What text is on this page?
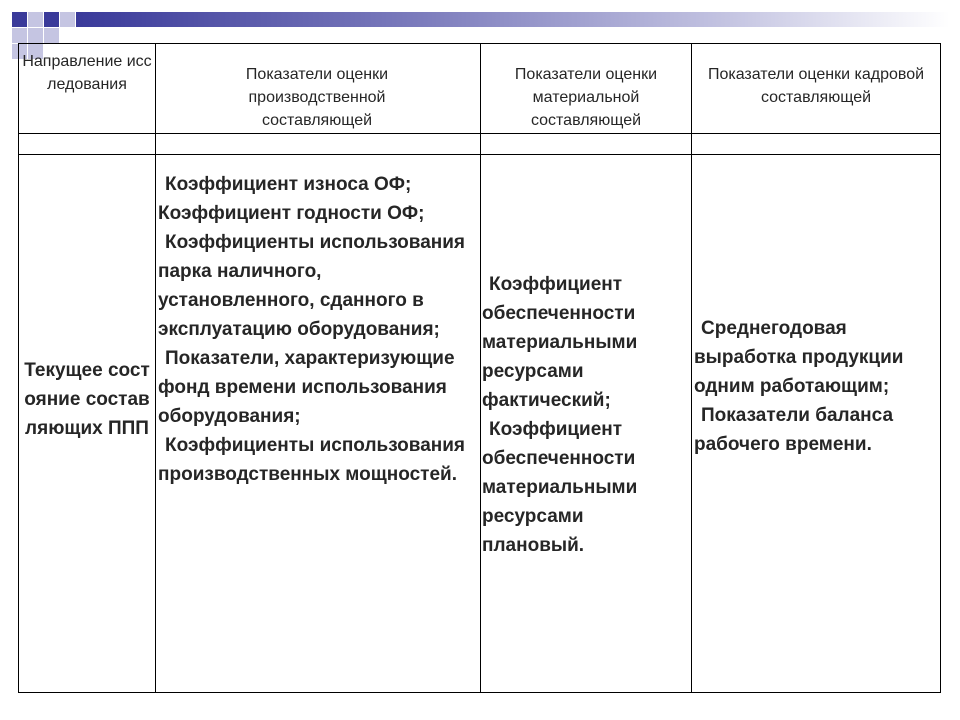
Направление исследования
Показатели оценки производственной составляющей
Показатели оценки материальной составляющей
Показатели оценки кадровой составляющей
Текущее состояние составляющих ППП

Коэффициент износа ОФ; Коэффициент годности ОФ;

Коэффициенты использования парка наличного, установленного, сданного в эксплуатацию оборудования;

Показатели, характеризующие фонд времени использования оборудования;

Коэффициенты использования производственных мощностей.

Коэффициент обеспеченности материальными ресурсами фактический;

Коэффициент обеспеченности материальными ресурсами плановый.

Среднегодовая выработка продукции одним работающим;

Показатели баланса рабочего времени.
